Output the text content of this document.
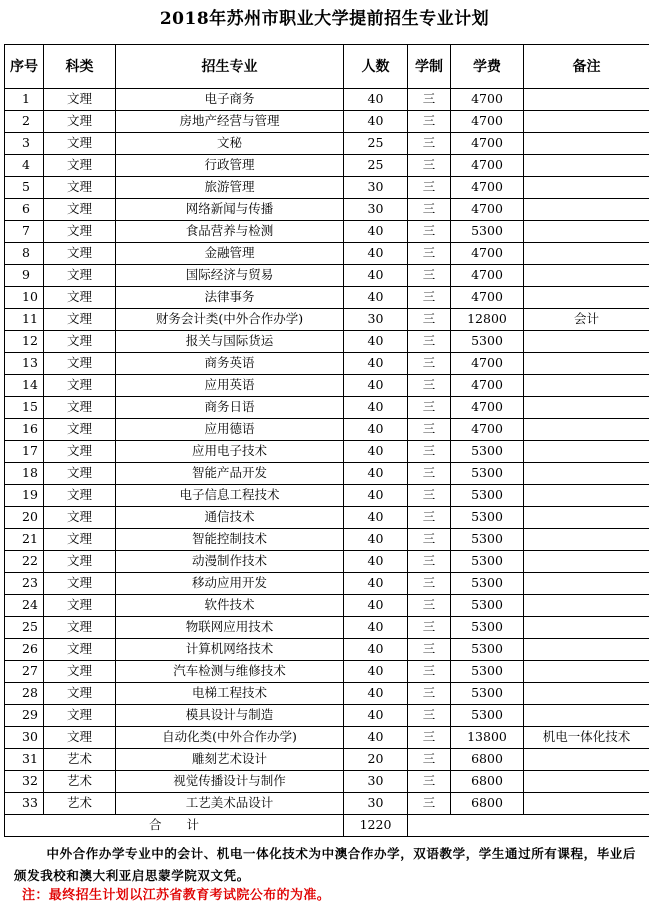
2018年苏州市职业大学提前招生专业计划
序号	科类	招生专业	人数	学制	学费	备注
1	文理	电子商务	40	三	4700	
2	文理	房地产经营与管理	40	三	4700	
3	文理	文秘	25	三	4700	
4	文理	行政管理	25	三	4700	
5	文理	旅游管理	30	三	4700	
6	文理	网络新闻与传播	30	三	4700	
7	文理	食品营养与检测	40	三	5300	
8	文理	金融管理	40	三	4700	
9	文理	国际经济与贸易	40	三	4700	
10	文理	法律事务	40	三	4700	
11	文理	财务会计类(中外合作办学)	30	三	12800	会计
12	文理	报关与国际货运	40	三	5300	
13	文理	商务英语	40	三	4700	
14	文理	应用英语	40	三	4700	
15	文理	商务日语	40	三	4700	
16	文理	应用德语	40	三	4700	
17	文理	应用电子技术	40	三	5300	
18	文理	智能产品开发	40	三	5300	
19	文理	电子信息工程技术	40	三	5300	
20	文理	通信技术	40	三	5300	
21	文理	智能控制技术	40	三	5300	
22	文理	动漫制作技术	40	三	5300	
23	文理	移动应用开发	40	三	5300	
24	文理	软件技术	40	三	5300	
25	文理	物联网应用技术	40	三	5300	
26	文理	计算机网络技术	40	三	5300	
27	文理	汽车检测与维修技术	40	三	5300	
28	文理	电梯工程技术	40	三	5300	
29	文理	模具设计与制造	40	三	5300	
30	文理	自动化类(中外合作办学)	40	三	13800	机电一体化技术
31	艺术	雕刻艺术设计	20	三	6800	
32	艺术	视觉传播设计与制作	30	三	6800	
33	艺术	工艺美术品设计	30	三	6800	
合　　计			1220			
中外合作办学专业中的会计、机电一体化技术为中澳合作办学，双语教学，学生通过所有课程，毕业后颁发我校和澳大利亚启思蒙学院双文凭。
注：最终招生计划以江苏省教育考试院公布的为准。
